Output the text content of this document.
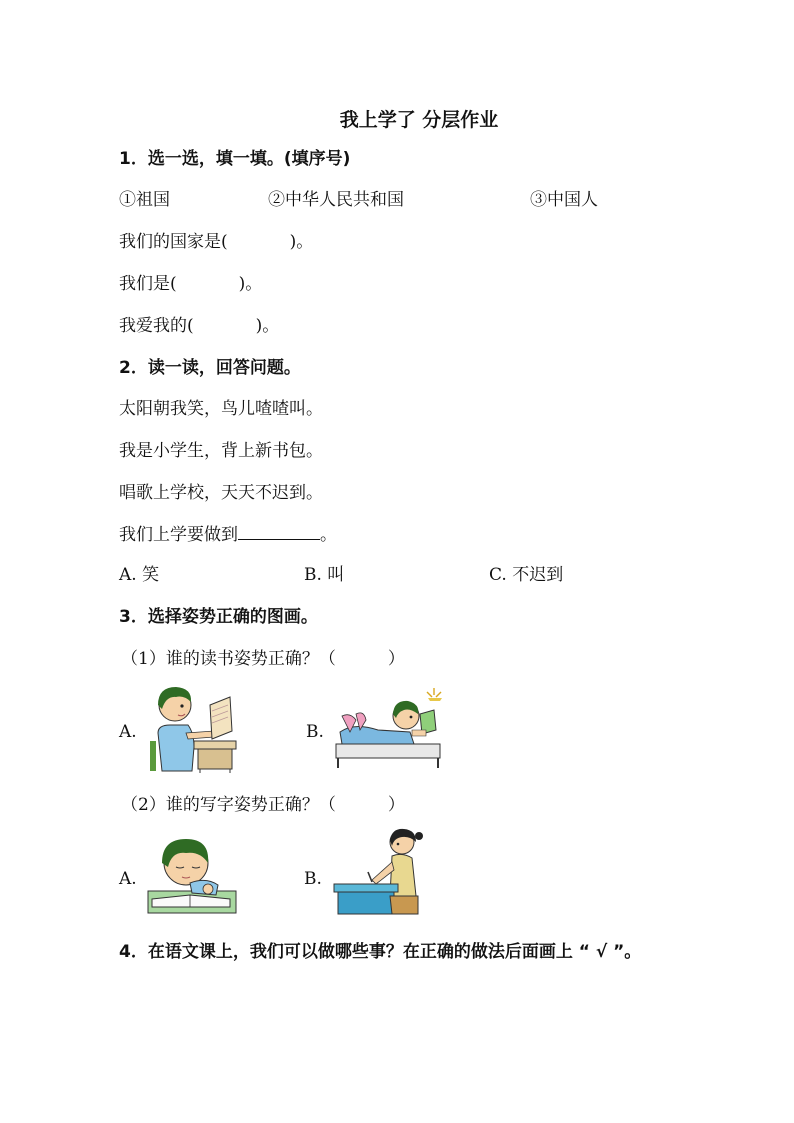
我上学了 分层作业
1．选一选，填一填。(填序号)
①祖国	②中华人民共和国	③中国人
我们的国家是(	)。
我们是(	)。
我爱我的(	)。
2．读一读，回答问题。
太阳朝我笑，鸟儿喳喳叫。
我是小学生，背上新书包。
唱歌上学校，天天不迟到。
我们上学要做到	。
A. 笑	B. 叫	C. 不迟到
3．选择姿势正确的图画。
（1）谁的读书姿势正确？（	）
A.	B.
（2）谁的写字姿势正确？（	）
A.	B.
4．在语文课上，我们可以做哪些事？在正确的做法后面画上 “ √ ”。
